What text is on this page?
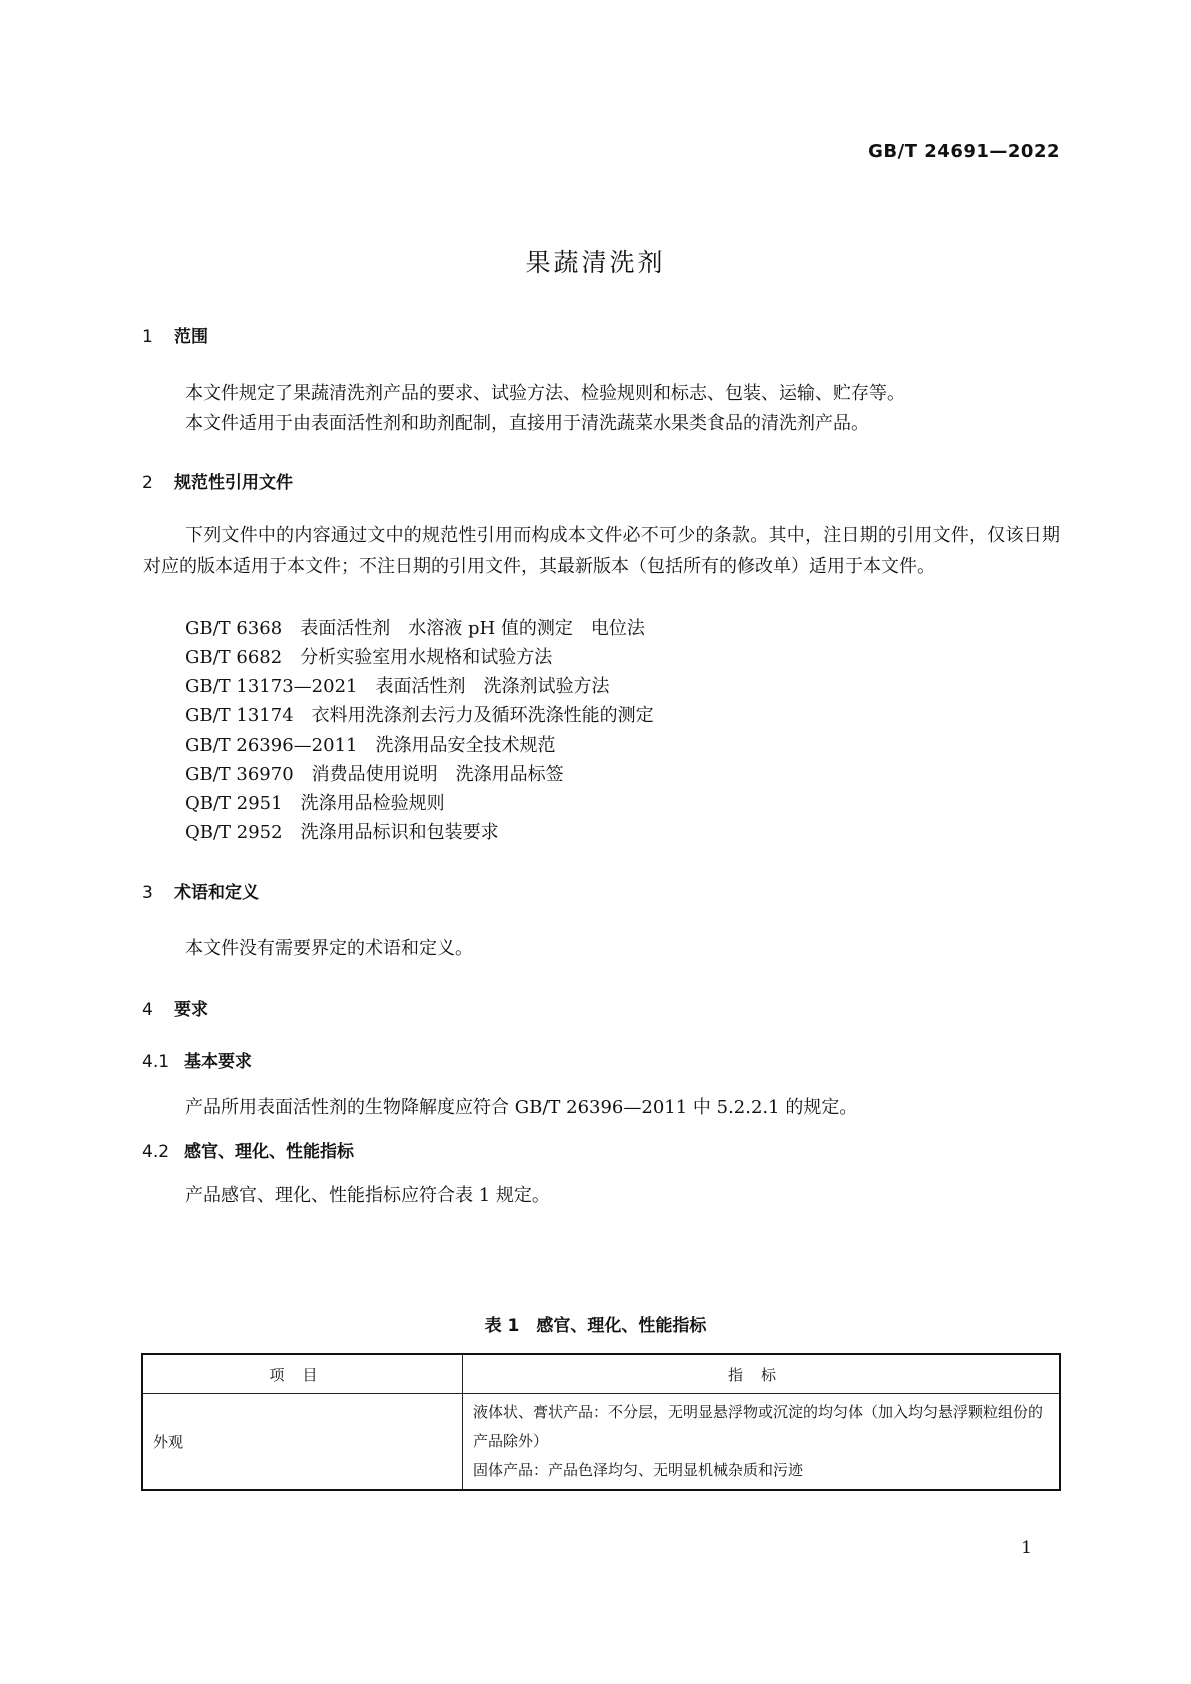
GB/T 24691—2022
果蔬清洗剂
1 范围
本文件规定了果蔬清洗剂产品的要求、试验方法、检验规则和标志、包装、运输、贮存等。
本文件适用于由表面活性剂和助剂配制，直接用于清洗蔬菜水果类食品的清洗剂产品。
2 规范性引用文件
下列文件中的内容通过文中的规范性引用而构成本文件必不可少的条款。其中，注日期的引用文件，仅该日期对应的版本适用于本文件；不注日期的引用文件，其最新版本（包括所有的修改单）适用于本文件。
GB/T 6368 表面活性剂　水溶液 pH 值的测定　电位法
GB/T 6682 分析实验室用水规格和试验方法
GB/T 13173—2021 表面活性剂　洗涤剂试验方法
GB/T 13174 衣料用洗涤剂去污力及循环洗涤性能的测定
GB/T 26396—2011 洗涤用品安全技术规范
GB/T 36970 消费品使用说明　洗涤用品标签
QB/T 2951 洗涤用品检验规则
QB/T 2952 洗涤用品标识和包装要求
3 术语和定义
本文件没有需要界定的术语和定义。
4 要求
4.1 基本要求
产品所用表面活性剂的生物降解度应符合 GB/T 26396—2011 中 5.2.2.1 的规定。
4.2 感官、理化、性能指标
产品感官、理化、性能指标应符合表 1 规定。
表 1　感官、理化、性能指标
项目	指标
外观	液体状、膏状产品：不分层，无明显悬浮物或沉淀的均匀体（加入均匀悬浮颗粒组份的产品除外）
固体产品：产品色泽均匀、无明显机械杂质和污迹
1
